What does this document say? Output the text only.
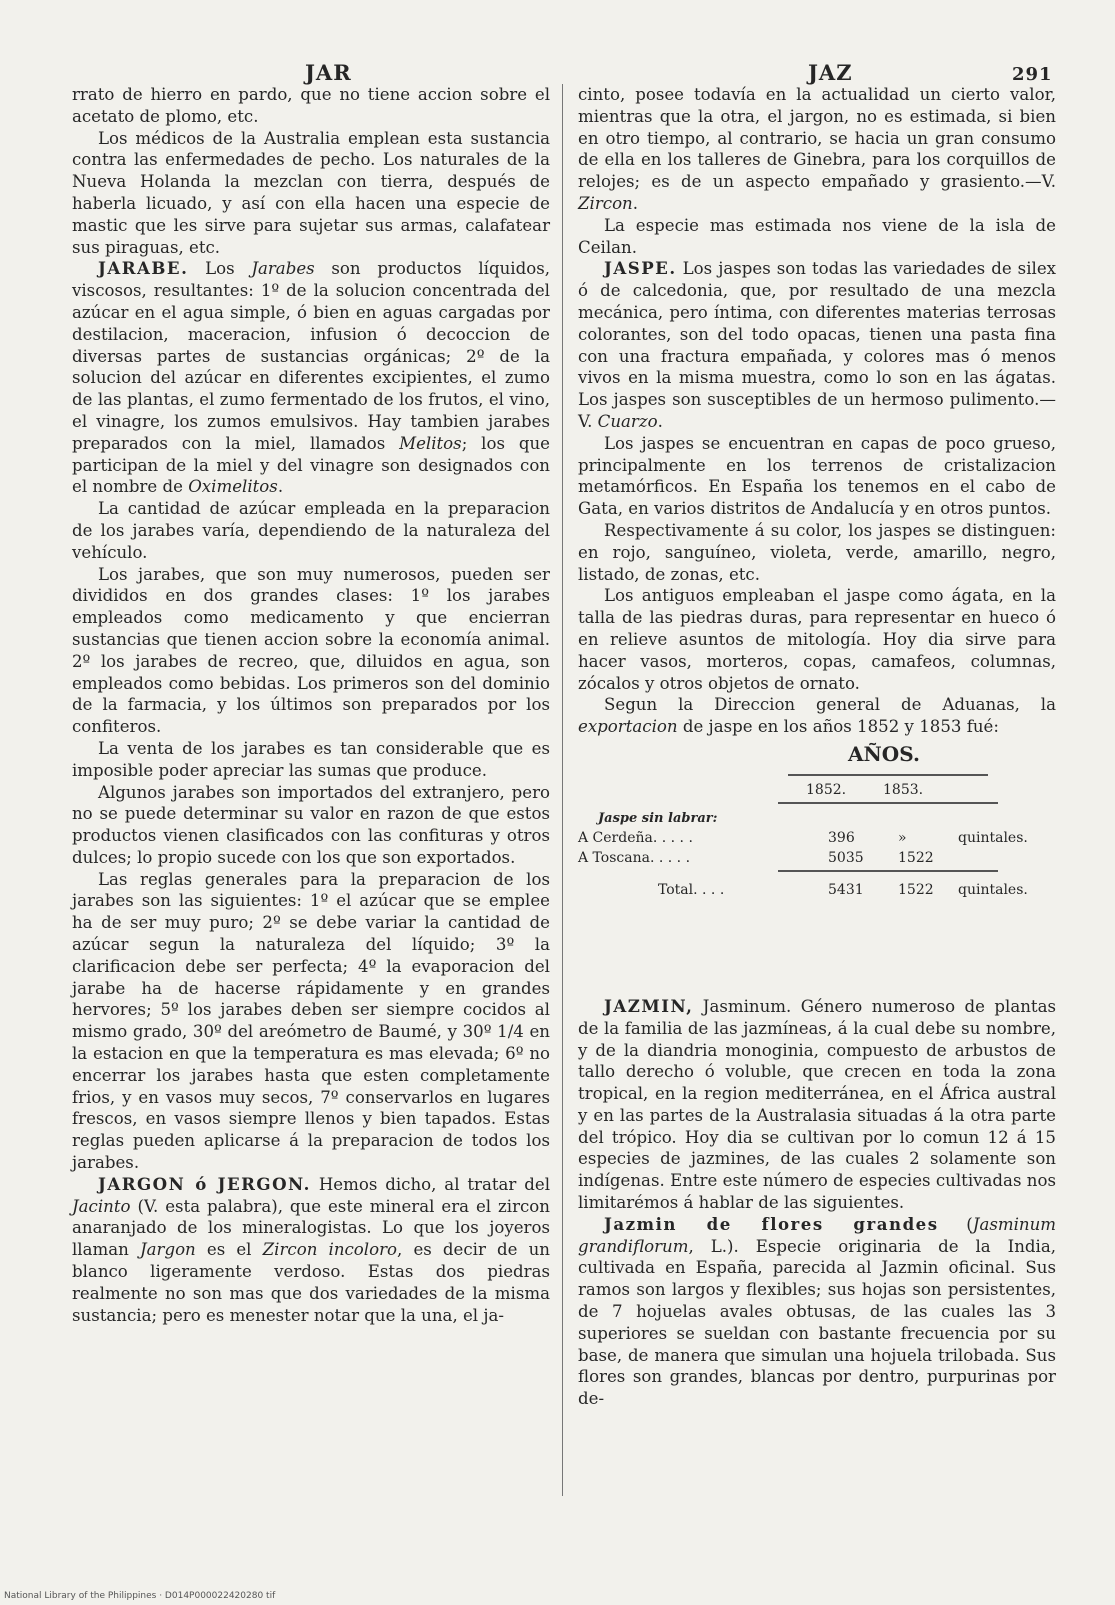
JAR	JAZ	291

rrato de hierro en pardo, que no tiene accion sobre el acetato de plomo, etc.

Los médicos de la Australia emplean esta sustancia contra las enfermedades de pecho. Los naturales de la Nueva Holanda la mezclan con tierra, después de haberla licuado, y así con ella hacen una especie de mastic que les sirve para sujetar sus armas, calafatear sus piraguas, etc.

JARABE. Los Jarabes son productos líquidos, viscosos, resultantes: 1º de la solucion concentrada del azúcar en el agua simple, ó bien en aguas cargadas por destilacion, maceracion, infusion ó decoccion de diversas partes de sustancias orgánicas; 2º de la solucion del azúcar en diferentes excipientes, el zumo de las plantas, el zumo fermentado de los frutos, el vino, el vinagre, los zumos emulsivos. Hay tambien jarabes preparados con la miel, llamados Melitos; los que participan de la miel y del vinagre son designados con el nombre de Oximelitos.

La cantidad de azúcar empleada en la preparacion de los jarabes varía, dependiendo de la naturaleza del vehículo.

Los jarabes, que son muy numerosos, pueden ser divididos en dos grandes clases: 1º los jarabes empleados como medicamento y que encierran sustancias que tienen accion sobre la economía animal. 2º los jarabes de recreo, que, diluidos en agua, son empleados como bebidas. Los primeros son del dominio de la farmacia, y los últimos son preparados por los confiteros.

La venta de los jarabes es tan considerable que es imposible poder apreciar las sumas que produce.

Algunos jarabes son importados del extranjero, pero no se puede determinar su valor en razon de que estos productos vienen clasificados con las confituras y otros dulces; lo propio sucede con los que son exportados.

Las reglas generales para la preparacion de los jarabes son las siguientes: 1º el azúcar que se emplee ha de ser muy puro; 2º se debe variar la cantidad de azúcar segun la naturaleza del líquido; 3º la clarificacion debe ser perfecta; 4º la evaporacion del jarabe ha de hacerse rápidamente y en grandes hervores; 5º los jarabes deben ser siempre cocidos al mismo grado, 30º del areómetro de Baumé, y 30º 1/4 en la estacion en que la temperatura es mas elevada; 6º no encerrar los jarabes hasta que esten completamente frios, y en vasos muy secos, 7º conservarlos en lugares frescos, en vasos siempre llenos y bien tapados. Estas reglas pueden aplicarse á la preparacion de todos los jarabes.

JARGON ó JERGON. Hemos dicho, al tratar del Jacinto (V. esta palabra), que este mineral era el zircon anaranjado de los mineralogistas. Lo que los joyeros llaman Jargon es el Zircon incoloro, es decir de un blanco ligeramente verdoso. Estas dos piedras realmente no son mas que dos variedades de la misma sustancia; pero es menester notar que la una, el ja-

cinto, posee todavía en la actualidad un cierto valor, mientras que la otra, el jargon, no es estimada, si bien en otro tiempo, al contrario, se hacia un gran consumo de ella en los talleres de Ginebra, para los corquillos de relojes; es de un aspecto empañado y grasiento.—V. Zircon.

La especie mas estimada nos viene de la isla de Ceilan.

JASPE. Los jaspes son todas las variedades de silex ó de calcedonia, que, por resultado de una mezcla mecánica, pero íntima, con diferentes materias terrosas colorantes, son del todo opacas, tienen una pasta fina con una fractura empañada, y colores mas ó menos vivos en la misma muestra, como lo son en las ágatas. Los jaspes son susceptibles de un hermoso pulimento.—V. Cuarzo.

Los jaspes se encuentran en capas de poco grueso, principalmente en los terrenos de cristalizacion metamórficos. En España los tenemos en el cabo de Gata, en varios distritos de Andalucía y en otros puntos.

Respectivamente á su color, los jaspes se distinguen: en rojo, sanguíneo, violeta, verde, amarillo, negro, listado, de zonas, etc.

Los antiguos empleaban el jaspe como ágata, en la talla de las piedras duras, para representar en hueco ó en relieve asuntos de mitología. Hoy dia sirve para hacer vasos, morteros, copas, camafeos, columnas, zócalos y otros objetos de ornato.

Segun la Direccion general de Aduanas, la exportacion de jaspe en los años 1852 y 1853 fué:

AÑOS.
1852.	1853.
Jaspe sin labrar:
A Cerdeña. . . . .	396	»	quintales.
A Toscana. . . . .	5035 1522
Total. . . .	5431 1522 quintales.

JAZMIN, Jasminum. Género numeroso de plantas de la familia de las jazmíneas, á la cual debe su nombre, y de la diandria monoginia, compuesto de arbustos de tallo derecho ó voluble, que crecen en toda la zona tropical, en la region mediterránea, en el África austral y en las partes de la Australasia situadas á la otra parte del trópico. Hoy dia se cultivan por lo comun 12 á 15 especies de jazmines, de las cuales 2 solamente son indígenas. Entre este número de especies cultivadas nos limitarémos á hablar de las siguientes.

Jazmin de flores grandes (Jasminum grandiflorum, L.). Especie originaria de la India, cultivada en España, parecida al Jazmin oficinal. Sus ramos son largos y flexibles; sus hojas son persistentes, de 7 hojuelas avales obtusas, de las cuales las 3 superiores se sueldan con bastante frecuencia por su base, de manera que simulan una hojuela trilobada. Sus flores son grandes, blancas por dentro, purpurinas por de-

National Library of the Philippines · D014P000022420280 tif
